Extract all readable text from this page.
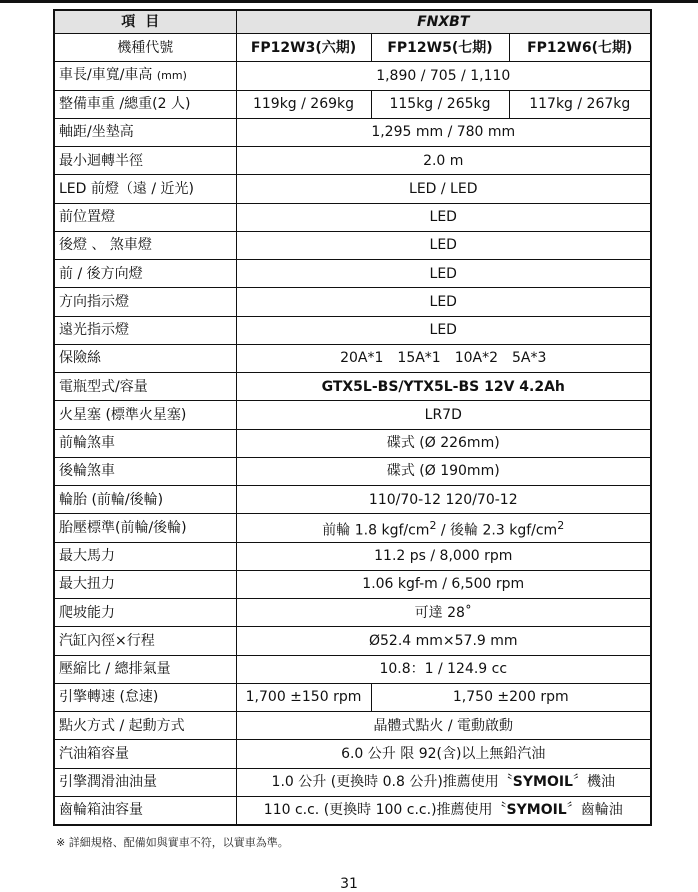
項目	FNXBT		
機種代號	FP12W3(六期)	FP12W5(七期)	FP12W6(七期)
車長/車寬/車高 (mm)	1,890 / 705 / 1,110		
整備車重 /總重(2 人)	119kg / 269kg	115kg / 265kg	117kg / 267kg
軸距/坐墊高	1,295 mm / 780 mm		
最小迴轉半徑	2.0 m		
LED 前燈（遠 / 近光)	LED / LED		
前位置燈	LED		
後燈 、 煞車燈	LED		
前 / 後方向燈	LED		
方向指示燈	LED		
遠光指示燈	LED		
保險絲	20A*1　15A*1　10A*2　5A*3		
電瓶型式/容量	GTX5L-BS/YTX5L-BS 12V 4.2Ah		
火星塞 (標準火星塞)	LR7D		
前輪煞車	碟式 (Ø 226mm)		
後輪煞車	碟式 (Ø 190mm)		
輪胎 (前輪/後輪)	110/70-12 120/70-12		
胎壓標準(前輪/後輪)	前輪 1.8 kgf/$cm^2$ / 後輪 2.3 kgf/$cm^2$
最大馬力	11.2 ps / 8,000 rpm		
最大扭力	1.06 kgf-m / 6,500 rpm		
爬坡能力	可達 28˚		
汽缸內徑×行程	Ø52.4 mm×57.9 mm		
壓縮比 / 總排氣量	10.8：1 / 124.9 cc		
引擎轉速 (怠速)	1,700 ±150 rpm	1,750 ±200 rpm	
點火方式 / 起動方式	晶體式點火 / 電動啟動		
汽油箱容量	6.0 公升 限 92(含)以上無鉛汽油		
引擎潤滑油油量	1.0 公升 (更換時 0.8 公升)推薦使用〝SYMOIL〞機油		
齒輪箱油容量	110 c.c. (更換時 100 c.c.)推薦使用〝SYMOIL〞齒輪油		
※ 詳細規格、配備如與實車不符，以實車為準。
31
